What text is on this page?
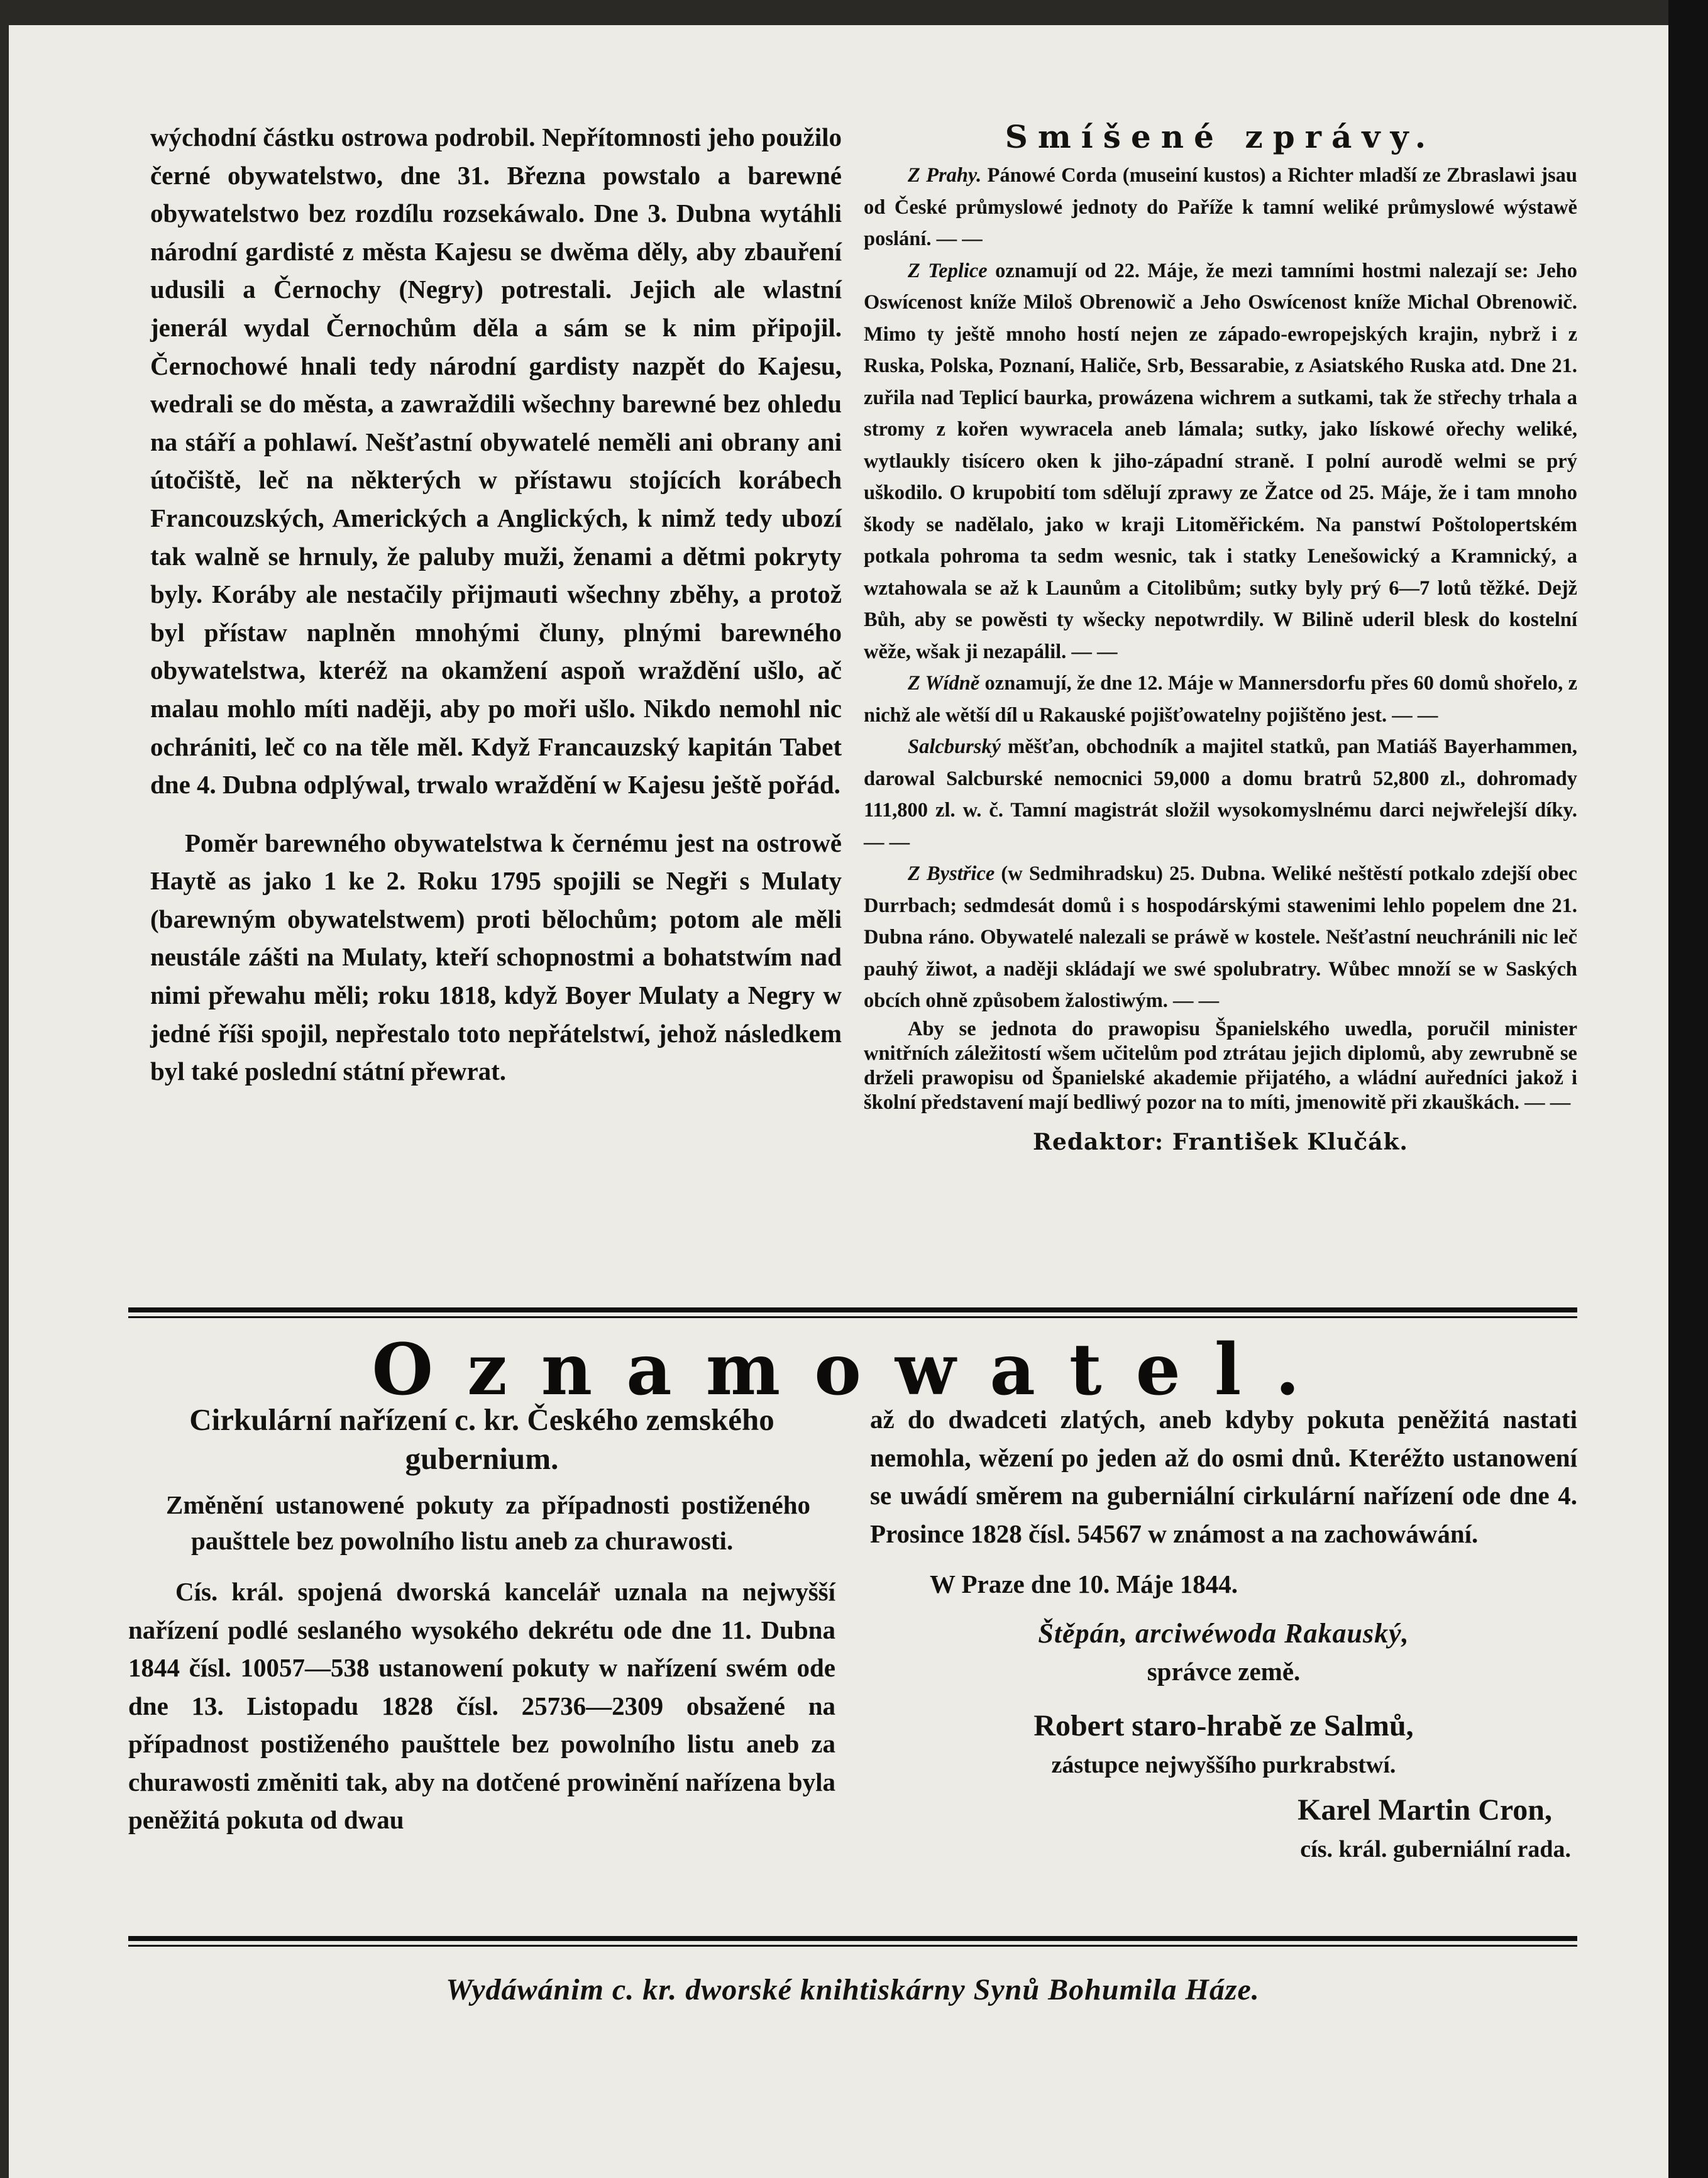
wýchodní částku ostrowa podrobil. Nepřítomnosti jeho použilo černé obywatelstwo, dne 31. Března powstalo a barewné obywatelstwo bez rozdílu rozsekáwalo. Dne 3. Dubna wytáhli národní gardisté z města Kajesu se dwěma děly, aby zbauření udusili a Černochy (Negry) potrestali. Jejich ale wlastní jenerál wydal Černochům děla a sám se k nim připojil. Černochowé hnali tedy národní gardisty nazpět do Kajesu, wedrali se do města, a zawraždili wšechny barewné bez ohledu na stáří a pohlawí. Nešťastní obywatelé neměli ani obrany ani útočiště, leč na některých w přístawu stojících korábech Francouzských, Amerických a Anglických, k nimž tedy ubozí tak walně se hrnuly, že paluby muži, ženami a dětmi pokryty byly. Koráby ale nestačily přijmauti wšechny zběhy, a protož byl přístaw naplněn mnohými čluny, plnými barewného obywatelstwa, kteréž na okamžení aspoň wraždění ušlo, ač malau mohlo míti naději, aby po moři ušlo. Nikdo nemohl nic ochrániti, leč co na těle měl. Když Francauzský kapitán Tabet dne 4. Dubna odplýwal, trwalo wraždění w Kajesu ještě pořád.

Poměr barewného obywatelstwa k černému jest na ostrowě Haytě as jako 1 ke 2. Roku 1795 spojili se Negři s Mulaty (barewným obywatelstwem) proti bělochům; potom ale měli neustále zášti na Mulaty, kteří schopnostmi a bohatstwím nad nimi přewahu měli; roku 1818, když Boyer Mulaty a Negry w jedné říši spojil, nepřestalo toto nepřátelstwí, jehož následkem byl také poslední státní přewrat.

Smíšené zprávy.

Z Prahy. Pánowé Corda (museiní kustos) a Richter mladší ze Zbraslawi jsau od České průmyslowé jednoty do Paříže k tamní weliké průmyslowé wýstawě poslání. — —

Z Teplice oznamují od 22. Máje, že mezi tamními hostmi nalezají se: Jeho Oswícenost kníže Miloš Obrenowič a Jeho Oswícenost kníže Michal Obrenowič. Mimo ty ještě mnoho hostí nejen ze západo-ewropejských krajin, nybrž i z Ruska, Polska, Poznaní, Haliče, Srb, Bessarabie, z Asiatského Ruska atd. Dne 21. zuřila nad Teplicí baurka, prowázena wichrem a sutkami, tak že střechy trhala a stromy z kořen wywracela aneb lámala; sutky, jako lískowé ořechy weliké, wytlaukly tisícero oken k jiho-západní straně. I polní aurodě welmi se prý uškodilo. O krupobití tom sdělují zprawy ze Žatce od 25. Máje, že i tam mnoho škody se nadělalo, jako w kraji Litoměřickém. Na panstwí Poštolopertském potkala pohroma ta sedm wesnic, tak i statky Lenešowický a Kramnický, a wztahowala se až k Launům a Citolibům; sutky byly prý 6—7 lotů těžké. Dejž Bůh, aby se powěsti ty wšecky nepotwrdily. W Bilině uderil blesk do kostelní wěže, wšak ji nezapálil. — —

Z Wídně oznamují, že dne 12. Máje w Mannersdorfu přes 60 domů shořelo, z nichž ale wětší díl u Rakauské pojišťowatelny pojištěno jest. — —

Salcburský měšťan, obchodník a majitel statků, pan Matiáš Bayerhammen, darowal Salcburské nemocnici 59,000 a domu bratrů 52,800 zl., dohromady 111,800 zl. w. č. Tamní magistrát složil wysokomyslnému darci nejwřelejší díky. — —

Z Bystřice (w Sedmihradsku) 25. Dubna. Weliké neštěstí potkalo zdejší obec Durrbach; sedmdesát domů i s hospodárskými stawenimi lehlo popelem dne 21. Dubna ráno. Obywatelé nalezali se práwě w kostele. Nešťastní neuchránili nic leč pauhý žiwot, a naději skládají we swé spolubratry. Wůbec množí se w Saských obcích ohně způsobem žalostiwým. — —

Aby se jednota do prawopisu Španielského uwedla, poručil minister wnitřních záležitostí wšem učitelům pod ztrátau jejich diplomů, aby zewrubně se drželi prawopisu od Španielské akademie přijatého, a wládní auředníci jakož i školní představení mají bedliwý pozor na to míti, jmenowitě při zkauškách. — —

Redaktor: František Klučák.
Oznamowatel.
Cirkulární nařízení c. kr. Českého zemského gubernium.

Změnění ustanowené pokuty za případnosti postiženého paušttele bez powolního listu aneb za churawosti.

Cís. král. spojená dworská kancelář uznala na nejwyšší nařízení podlé seslaného wysokého dekrétu ode dne 11. Dubna 1844 čísl. 10057—538 ustanowení pokuty w nařízení swém ode dne 13. Listopadu 1828 čísl. 25736—2309 obsažené na případnost postiženého paušttele bez powolního listu aneb za churawosti změniti tak, aby na dotčené prowinění nařízena byla peněžitá pokuta od dwau

až do dwadceti zlatých, aneb kdyby pokuta peněžitá nastati nemohla, wězení po jeden až do osmi dnů. Kteréžto ustanowení se uwádí směrem na guberniální cirkulární nařízení ode dne 4. Prosince 1828 čísl. 54567 w známost a na zachowáwání.

W Praze dne 10. Máje 1844.

Štěpán, arciwéwoda Rakauský,

správce země.

Robert staro-hrabě ze Salmů,

zástupce nejwyššího purkrabstwí.

Karel Martin Cron,

cís. král. guberniální rada.

Wydáwánim c. kr. dworské knihtiskárny Synů Bohumila Háze.
